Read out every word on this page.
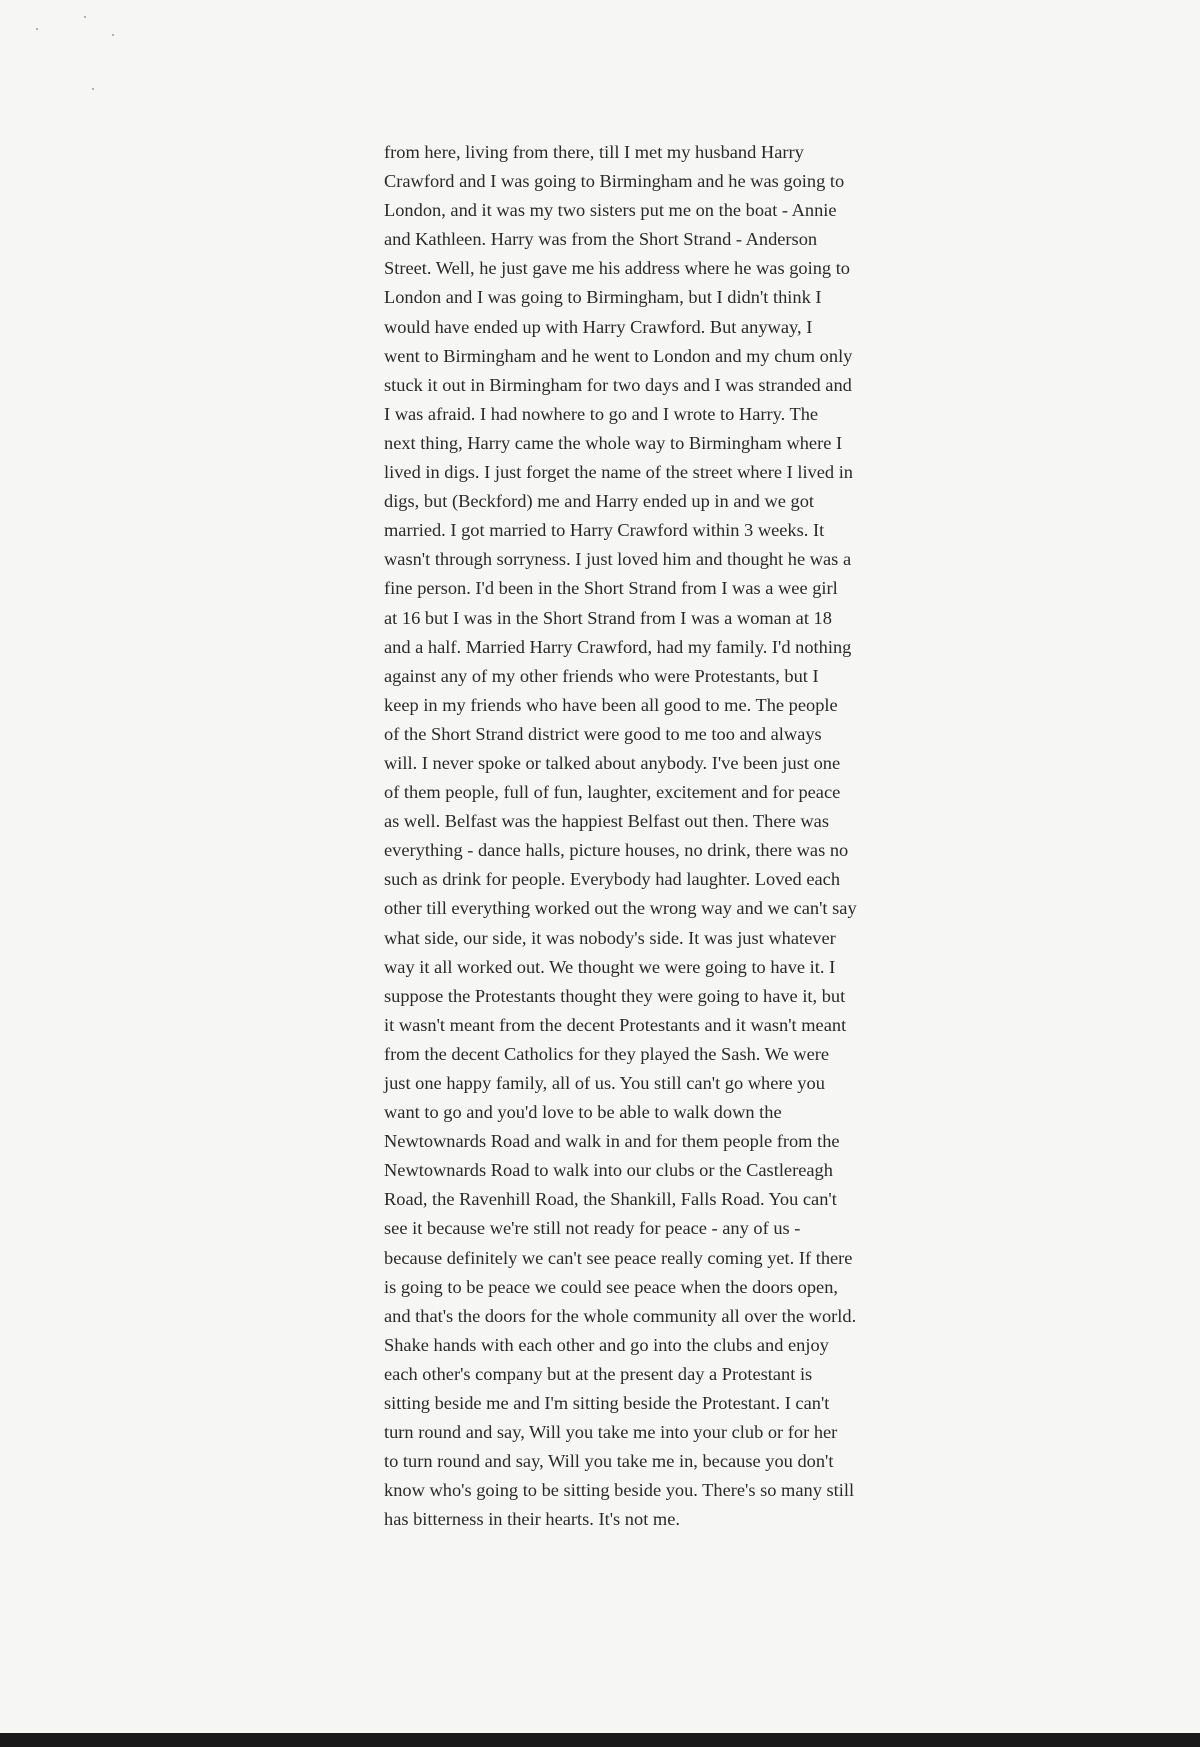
from here, living from there, till I met my husband Harry
Crawford and I was going to Birmingham and he was going to
London, and it was my two sisters put me on the boat - Annie
and Kathleen. Harry was from the Short Strand - Anderson
Street. Well, he just gave me his address where he was going to
London and I was going to Birmingham, but I didn't think I
would have ended up with Harry Crawford. But anyway, I
went to Birmingham and he went to London and my chum only
stuck it out in Birmingham for two days and I was stranded and
I was afraid. I had nowhere to go and I wrote to Harry. The
next thing, Harry came the whole way to Birmingham where I
lived in digs. I just forget the name of the street where I lived in
digs, but (Beckford) me and Harry ended up in and we got
married. I got married to Harry Crawford within 3 weeks. It
wasn't through sorryness. I just loved him and thought he was a
fine person. I'd been in the Short Strand from I was a wee girl
at 16 but I was in the Short Strand from I was a woman at 18
and a half. Married Harry Crawford, had my family. I'd nothing
against any of my other friends who were Protestants, but I
keep in my friends who have been all good to me. The people
of the Short Strand district were good to me too and always
will. I never spoke or talked about anybody. I've been just one
of them people, full of fun, laughter, excitement and for peace
as well. Belfast was the happiest Belfast out then. There was
everything - dance halls, picture houses, no drink, there was no
such as drink for people. Everybody had laughter. Loved each
other till everything worked out the wrong way and we can't say
what side, our side, it was nobody's side. It was just whatever
way it all worked out. We thought we were going to have it. I
suppose the Protestants thought they were going to have it, but
it wasn't meant from the decent Protestants and it wasn't meant
from the decent Catholics for they played the Sash. We were
just one happy family, all of us. You still can't go where you
want to go and you'd love to be able to walk down the
Newtownards Road and walk in and for them people from the
Newtownards Road to walk into our clubs or the Castlereagh
Road, the Ravenhill Road, the Shankill, Falls Road. You can't
see it because we're still not ready for peace - any of us -
because definitely we can't see peace really coming yet. If there
is going to be peace we could see peace when the doors open,
and that's the doors for the whole community all over the world.
Shake hands with each other and go into the clubs and enjoy
each other's company but at the present day a Protestant is
sitting beside me and I'm sitting beside the Protestant. I can't
turn round and say, Will you take me into your club or for her
to turn round and say, Will you take me in, because you don't
know who's going to be sitting beside you. There's so many still
has bitterness in their hearts. It's not me.
